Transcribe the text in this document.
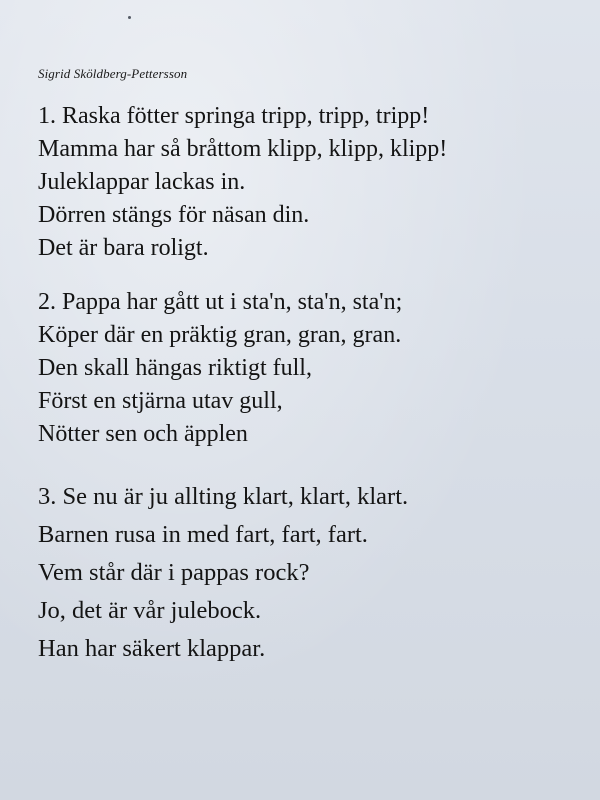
Sigrid Sköldberg-Pettersson
1. Raska fötter springa tripp, tripp, tripp!
Mamma har så bråttom klipp, klipp, klipp!
Juleklappar lackas in.
Dörren stängs för näsan din.
Det är bara roligt.
2. Pappa har gått ut i sta'n, sta'n, sta'n;
Köper där en präktig gran, gran, gran.
Den skall hängas riktigt full,
Först en stjärna utav gull,
Nötter sen och äpplen
3. Se nu är ju allting klart, klart, klart.
Barnen rusa in med fart, fart, fart.
Vem står där i pappas rock?
Jo, det är vår julebock.
Han har säkert klappar.
